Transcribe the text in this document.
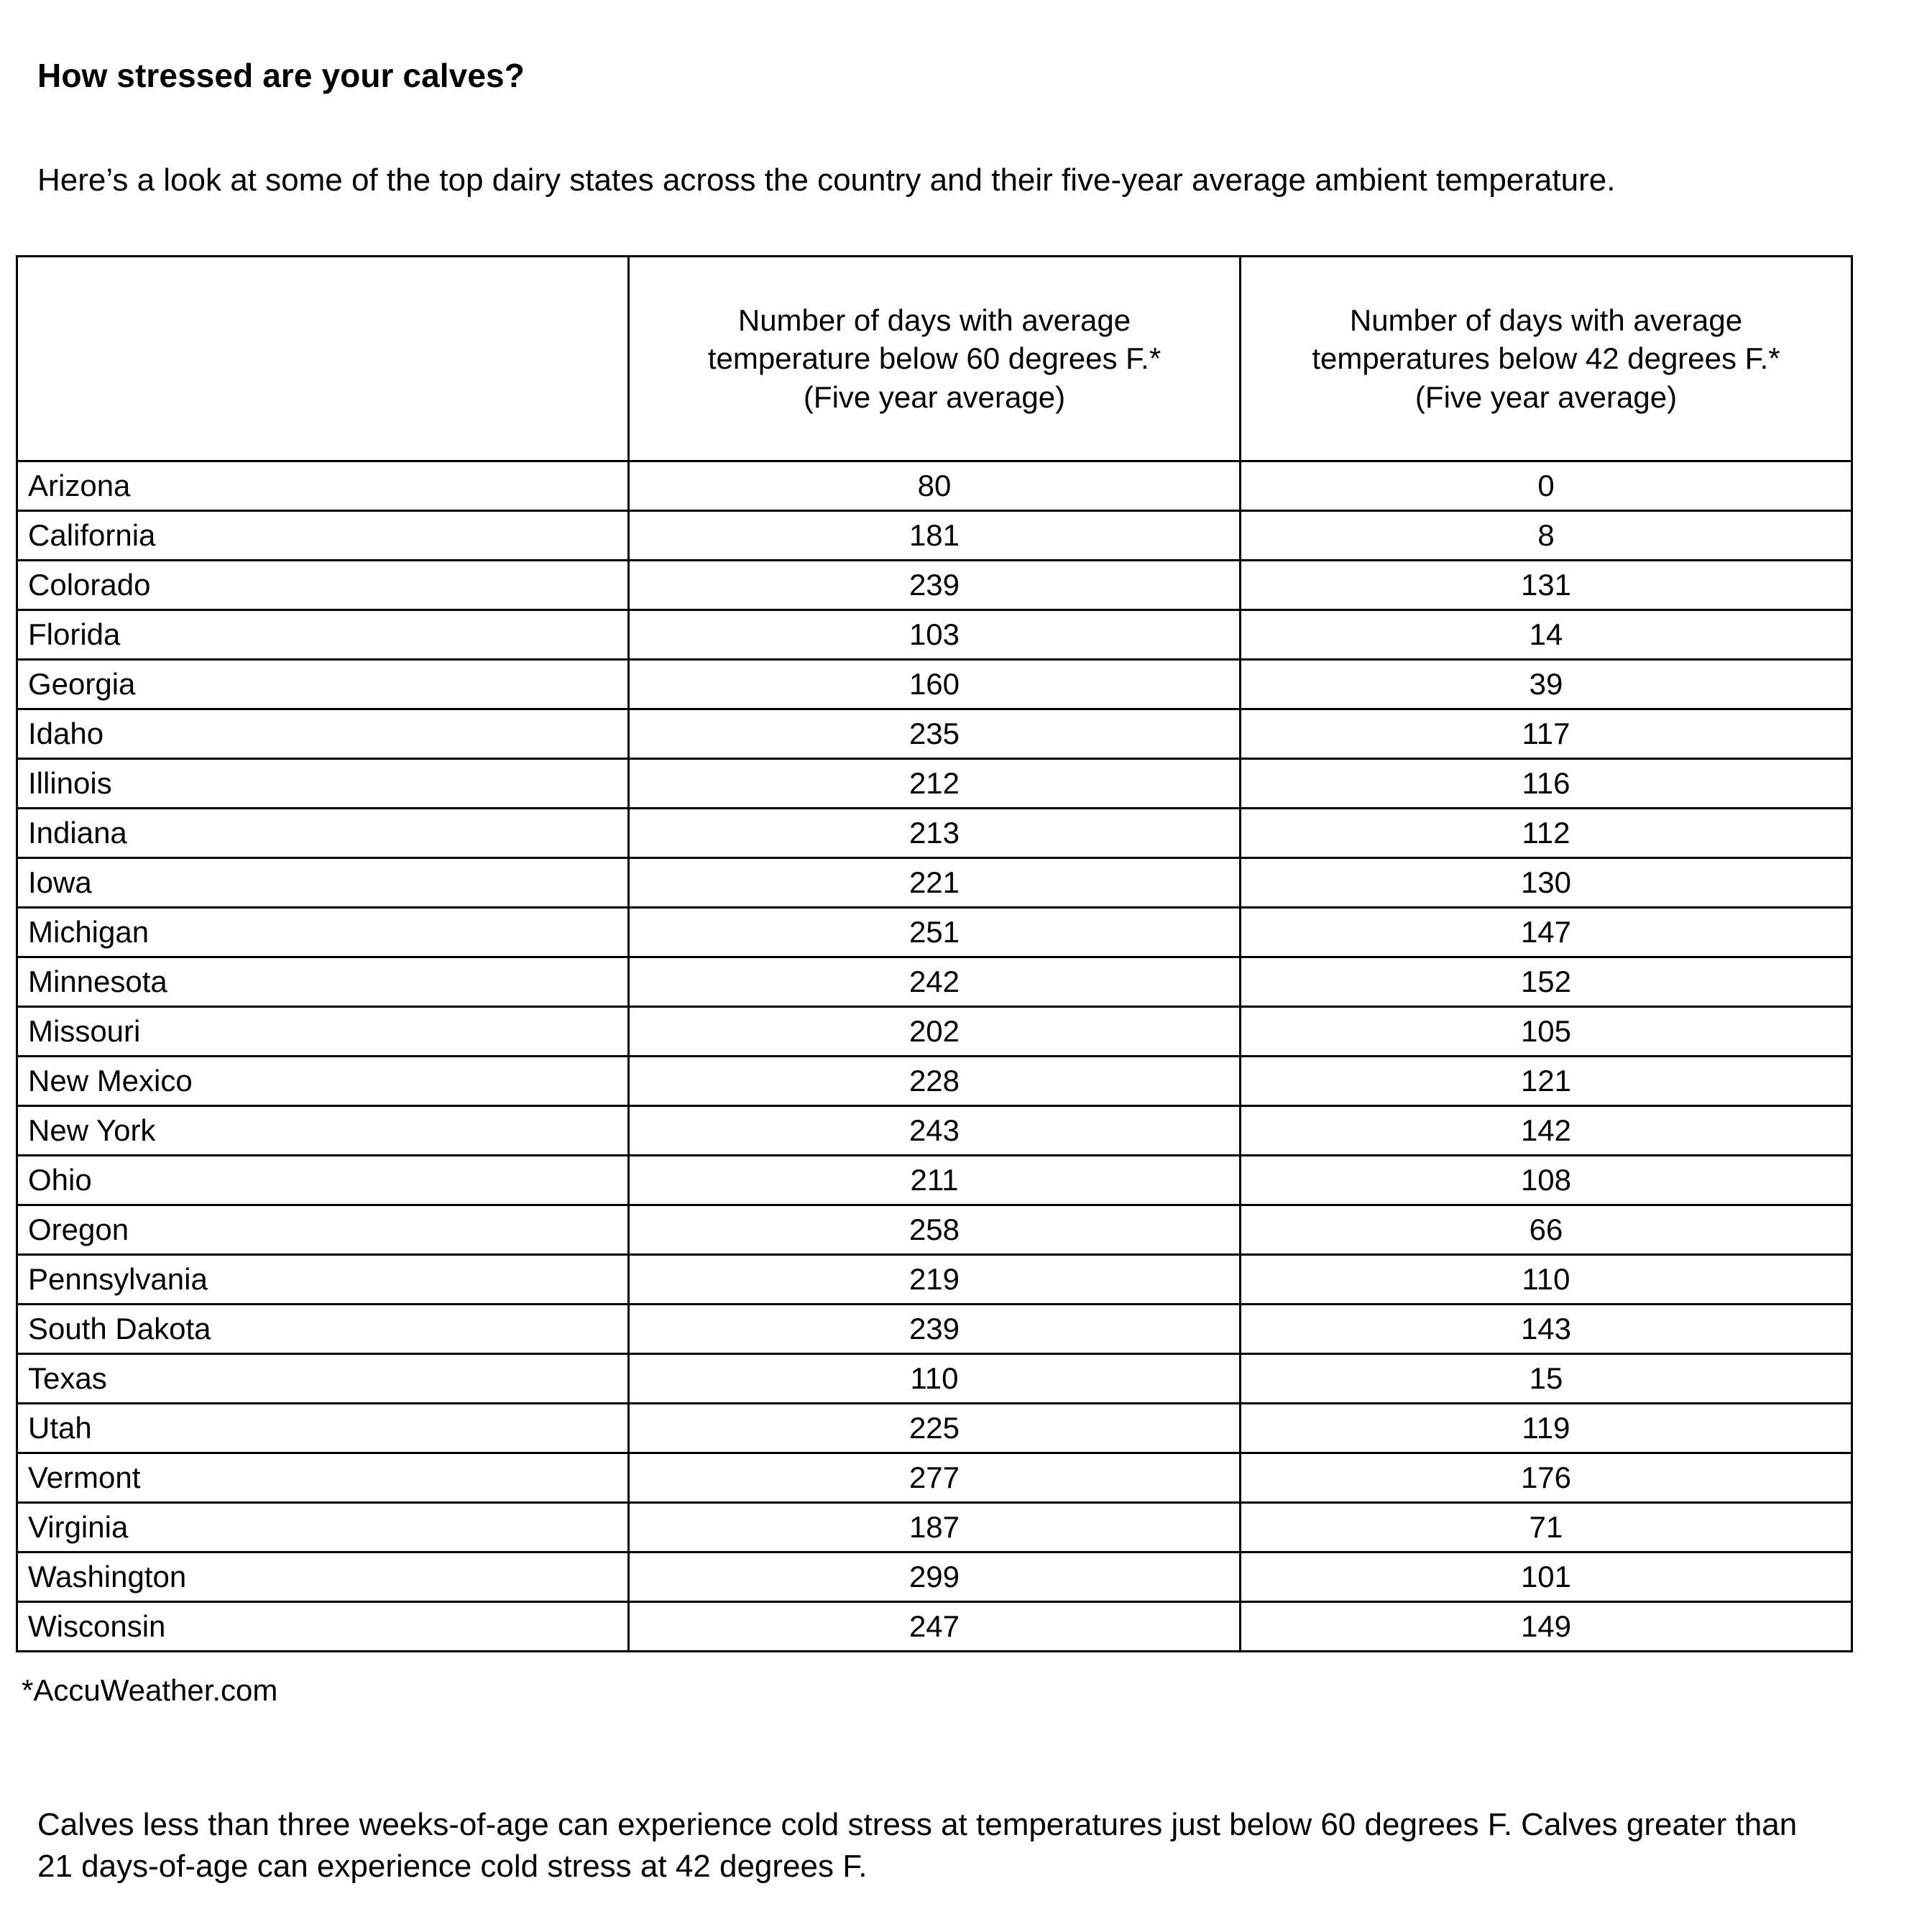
How stressed are your calves?

Here’s a look at some of the top dairy states across the country and their five-year average ambient temperature.

	Number of days with average temperature below 60 degrees F.* (Five year average)	Number of days with average temperatures below 42 degrees F.* (Five year average)
Arizona	80	0
California	181	8
Colorado	239	131
Florida	103	14
Georgia	160	39
Idaho	235	117
Illinois	212	116
Indiana	213	112
Iowa	221	130
Michigan	251	147
Minnesota	242	152
Missouri	202	105
New Mexico	228	121
New York	243	142
Ohio	211	108
Oregon	258	66
Pennsylvania	219	110
South Dakota	239	143
Texas	110	15
Utah	225	119
Vermont	277	176
Virginia	187	71
Washington	299	101
Wisconsin	247	149
*AccuWeather.com

Calves less than three weeks-of-age can experience cold stress at temperatures just below 60 degrees F. Calves greater than 21 days-of-age can experience cold stress at 42 degrees F.
